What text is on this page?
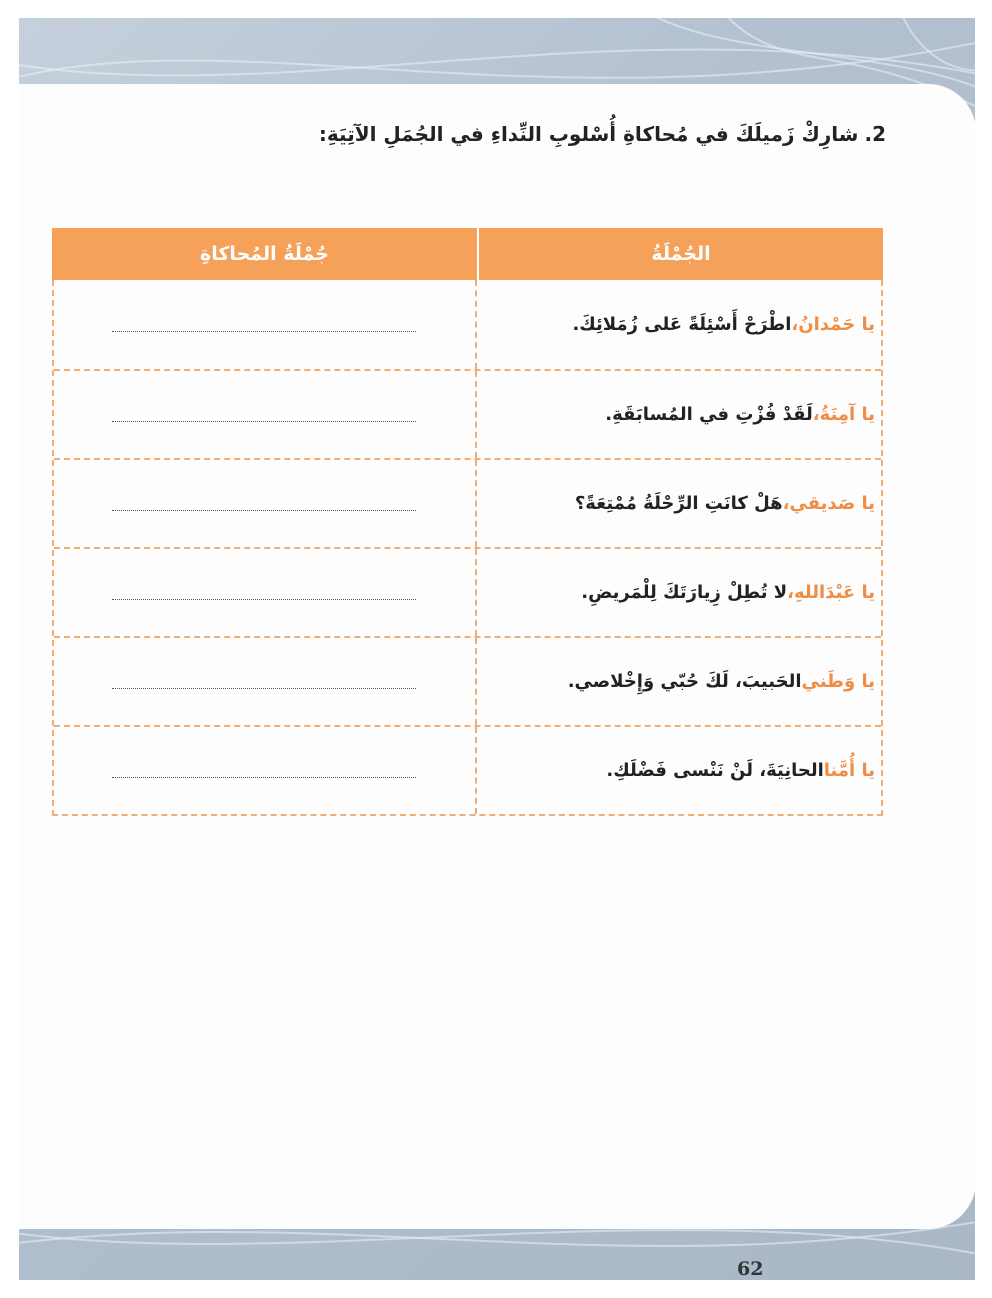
2.شارِكْ زَميلَكَ في مُحاكاةِ أُسْلوبِ النِّداءِ في الجُمَلِ الآتِيَةِ:
جُمْلَةُ المُحاكاةِ	الجُمْلَةُ
يا حَمْدانُ،
اطْرَحْ أَسْئِلَةً عَلى زُمَلائِكَ.
يا آمِنَةُ،
لَقَدْ فُزْتِ في المُسابَقَةِ.
يا صَديقي،
هَلْ كانَتِ الرِّحْلَةُ مُمْتِعَةً؟
يا عَبْدَاللهِ،
لا تُطِلْ زِيارَتَكَ لِلْمَريضِ.
يا وَطَني
الحَبيبَ، لَكَ حُبّي وَإِخْلاصي.
يا أُمَّنا
الحانِيَةَ، لَنْ نَنْسى فَضْلَكِ.
62
